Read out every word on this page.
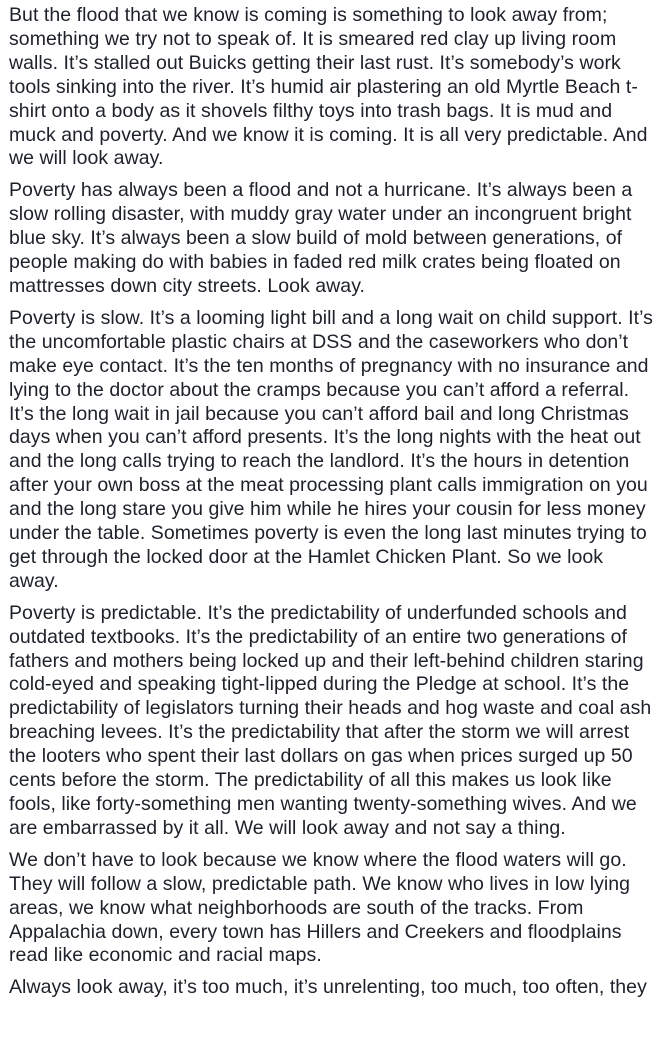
But the flood that we know is coming is something to look away from; something we try not to speak of. It is smeared red clay up living room walls. It’s stalled out Buicks getting their last rust. It’s somebody’s work tools sinking into the river. It’s humid air plastering an old Myrtle Beach t-shirt onto a body as it shovels filthy toys into trash bags. It is mud and muck and poverty. And we know it is coming. It is all very predictable. And we will look away.

Poverty has always been a flood and not a hurricane. It’s always been a slow rolling disaster, with muddy gray water under an incongruent bright blue sky. It’s always been a slow build of mold between generations, of people making do with babies in faded red milk crates being floated on mattresses down city streets. Look away.

Poverty is slow. It’s a looming light bill and a long wait on child support. It’s the uncomfortable plastic chairs at DSS and the caseworkers who don’t make eye contact. It’s the ten months of pregnancy with no insurance and lying to the doctor about the cramps because you can’t afford a referral. It’s the long wait in jail because you can’t afford bail and long Christmas days when you can’t afford presents. It’s the long nights with the heat out and the long calls trying to reach the landlord. It’s the hours in detention after your own boss at the meat processing plant calls immigration on you and the long stare you give him while he hires your cousin for less money under the table. Sometimes poverty is even the long last minutes trying to get through the locked door at the Hamlet Chicken Plant. So we look away.

Poverty is predictable. It’s the predictability of underfunded schools and outdated textbooks. It’s the predictability of an entire two generations of fathers and mothers being locked up and their left-behind children staring cold-eyed and speaking tight-lipped during the Pledge at school. It’s the predictability of legislators turning their heads and hog waste and coal ash breaching levees. It’s the predictability that after the storm we will arrest the looters who spent their last dollars on gas when prices surged up 50 cents before the storm. The predictability of all this makes us look like fools, like forty-something men wanting twenty-something wives. And we are embarrassed by it all. We will look away and not say a thing.

We don’t have to look because we know where the flood waters will go. They will follow a slow, predictable path. We know who lives in low lying areas, we know what neighborhoods are south of the tracks. From Appalachia down, every town has Hillers and Creekers and floodplains read like economic and racial maps.

Always look away, it’s too much, it’s unrelenting, too much, too often, they
